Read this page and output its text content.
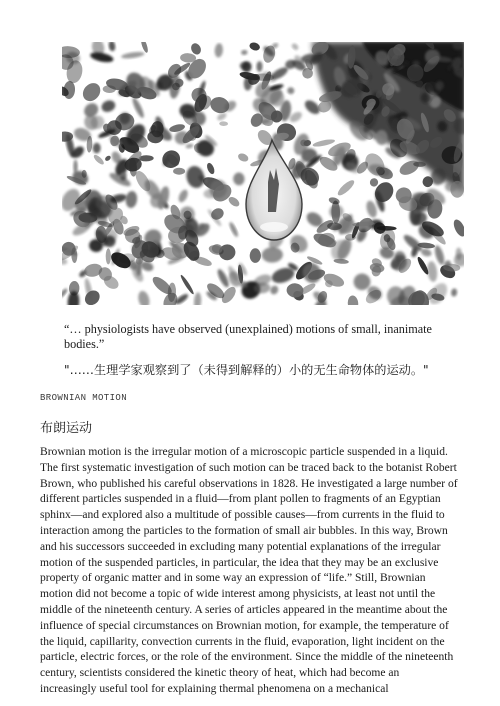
“… physiologists have observed (unexplained) motions of small, inanimate bodies.”

"……生理学家观察到了（未得到解释的）小的无生命物体的运动。"

BROWNIAN MOTION

布朗运动

Brownian motion is the irregular motion of a microscopic particle suspended in a liquid. The first systematic investigation of such motion can be traced back to the botanist Robert Brown, who published his careful observations in 1828. He investigated a large number of different particles suspended in a fluid—from plant pollen to fragments of an Egyptian sphinx—and explored also a multitude of possible causes—from currents in the fluid to interaction among the particles to the formation of small air bubbles. In this way, Brown and his successors succeeded in excluding many potential explanations of the irregular motion of the suspended particles, in particular, the idea that they may be an exclusive property of organic matter and in some way an expression of “life.” Still, Brownian motion did not become a topic of wide interest among physicists, at least not until the middle of the nineteenth century. A series of articles appeared in the meantime about the influence of special circumstances on Brownian motion, for example, the temperature of the liquid, capillarity, convection currents in the fluid, evaporation, light incident on the particle, electric forces, or the role of the environment. Since the middle of the nineteenth century, scientists considered the kinetic theory of heat, which had become an increasingly useful tool for explaining thermal phenomena on a mechanical
